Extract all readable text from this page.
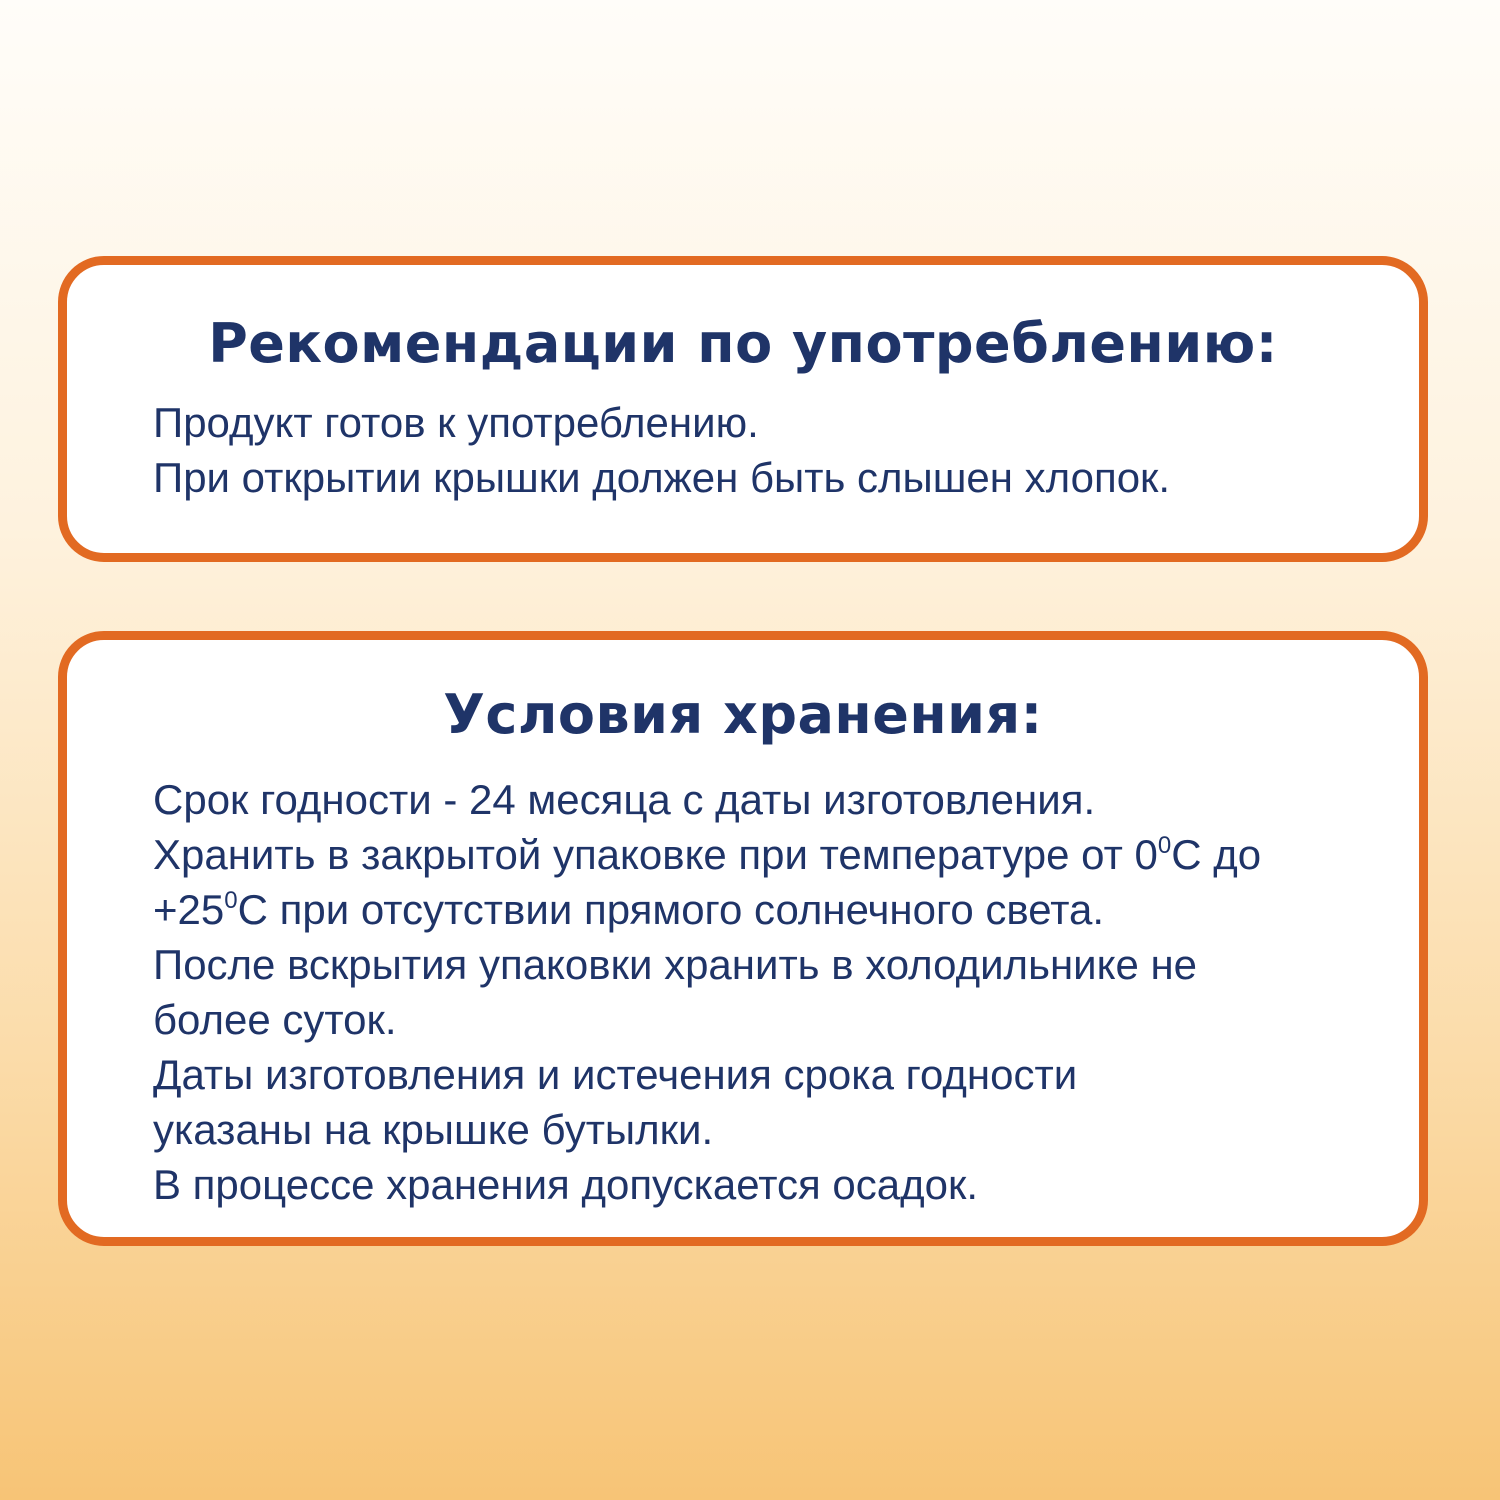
Рекомендации по употреблению:
Продукт готов к употреблению.
При открытии крышки должен быть слышен хлопок.
Условия хранения:
Срок годности - 24 месяца с даты изготовления.
Хранить в закрытой упаковке при температуре от $0^0С$ до
$+25^0С$ при отсутствии прямого солнечного света.
После вскрытия упаковки хранить в холодильнике не
более суток.
Даты изготовления и истечения срока годности
указаны на крышке бутылки.
В процессе хранения допускается осадок.
